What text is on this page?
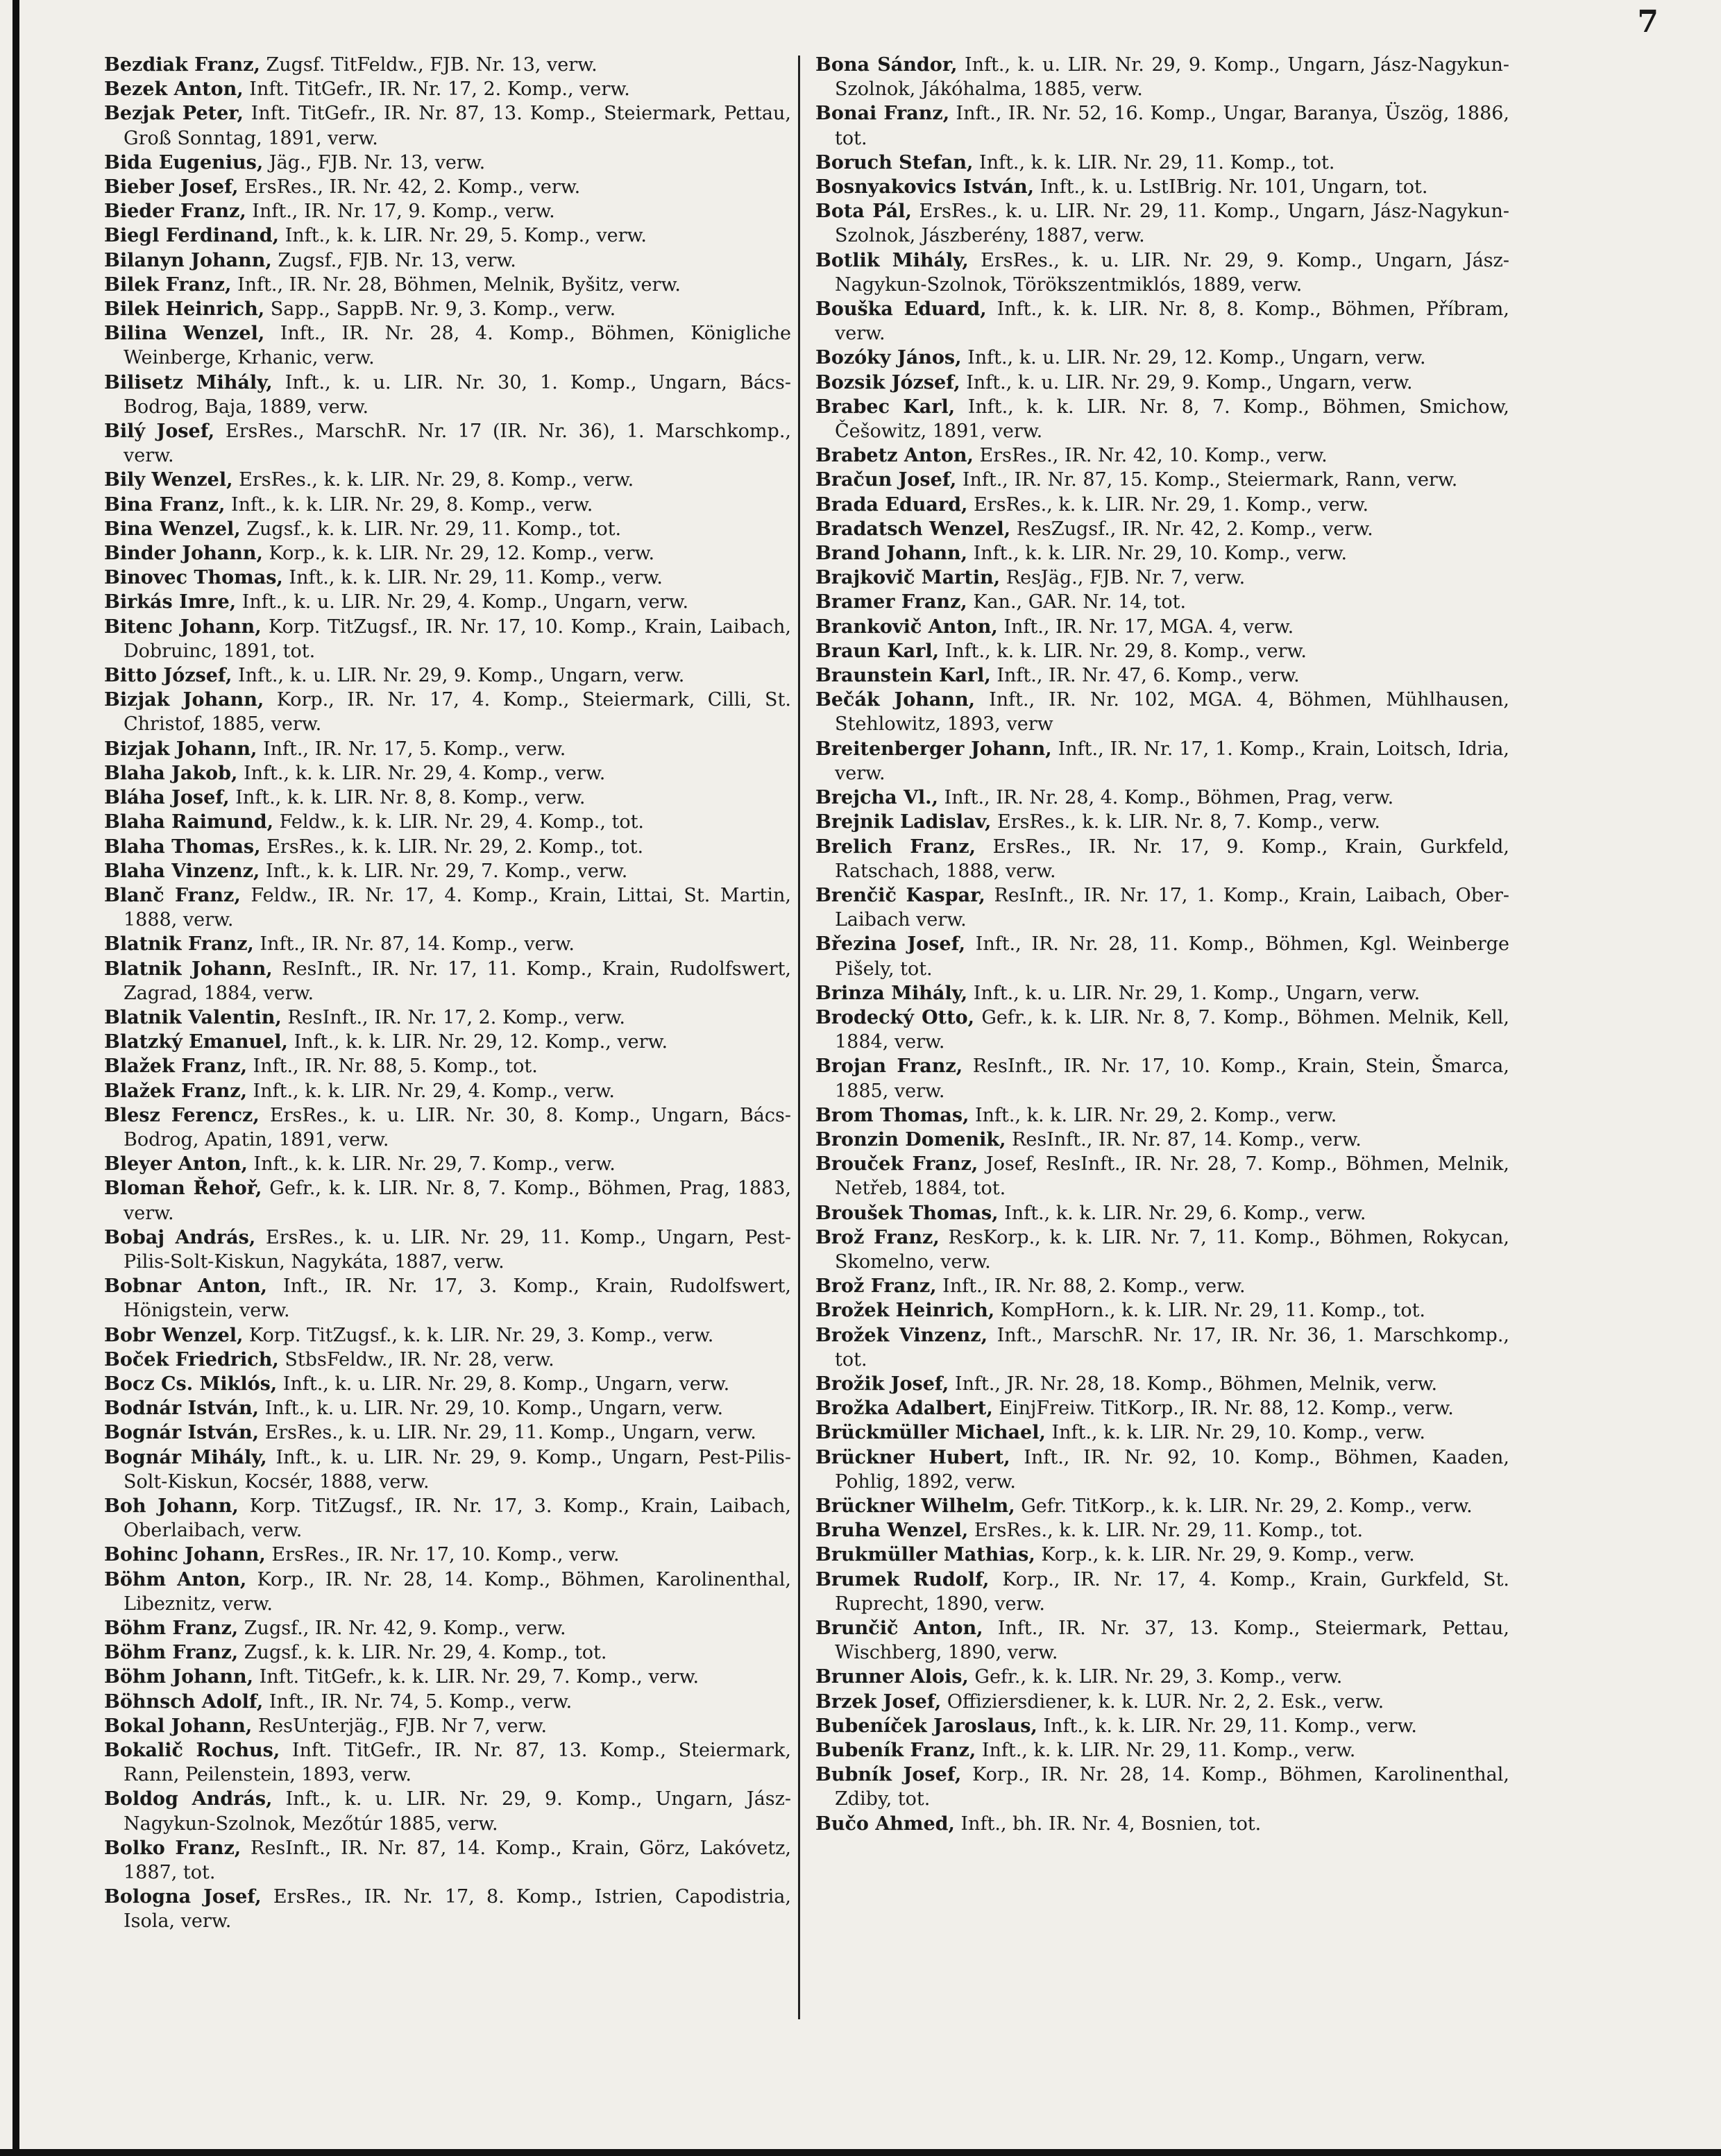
7

Bezdiak Franz, Zugsf. TitFeldw., FJB. Nr. 13, verw.

Bezek Anton, Inft. TitGefr., IR. Nr. 17, 2. Komp., verw.

Bezjak Peter, Inft. TitGefr., IR. Nr. 87, 13. Komp., Steiermark, Pettau, Groß Sonntag, 1891, verw.

Bida Eugenius, Jäg., FJB. Nr. 13, verw.

Bieber Josef, ErsRes., IR. Nr. 42, 2. Komp., verw.

Bieder Franz, Inft., IR. Nr. 17, 9. Komp., verw.

Biegl Ferdinand, Inft., k. k. LIR. Nr. 29, 5. Komp., verw.

Bilanyn Johann, Zugsf., FJB. Nr. 13, verw.

Bilek Franz, Inft., IR. Nr. 28, Böhmen, Melnik, Byšitz, verw.

Bilek Heinrich, Sapp., SappB. Nr. 9, 3. Komp., verw.

Bilina Wenzel, Inft., IR. Nr. 28, 4. Komp., Böhmen, Königliche Weinberge, Krhanic, verw.

Bilisetz Mihály, Inft., k. u. LIR. Nr. 30, 1. Komp., Ungarn, Bács-Bodrog, Baja, 1889, verw.

Bilý Josef, ErsRes., MarschR. Nr. 17 (IR. Nr. 36), 1. Marschkomp., verw.

Bily Wenzel, ErsRes., k. k. LIR. Nr. 29, 8. Komp., verw.

Bina Franz, Inft., k. k. LIR. Nr. 29, 8. Komp., verw.

Bina Wenzel, Zugsf., k. k. LIR. Nr. 29, 11. Komp., tot.

Binder Johann, Korp., k. k. LIR. Nr. 29, 12. Komp., verw.

Binovec Thomas, Inft., k. k. LIR. Nr. 29, 11. Komp., verw.

Birkás Imre, Inft., k. u. LIR. Nr. 29, 4. Komp., Ungarn, verw.

Bitenc Johann, Korp. TitZugsf., IR. Nr. 17, 10. Komp., Krain, Laibach, Dobruinc, 1891, tot.

Bitto József, Inft., k. u. LIR. Nr. 29, 9. Komp., Ungarn, verw.

Bizjak Johann, Korp., IR. Nr. 17, 4. Komp., Steiermark, Cilli, St. Christof, 1885, verw.

Bizjak Johann, Inft., IR. Nr. 17, 5. Komp., verw.

Blaha Jakob, Inft., k. k. LIR. Nr. 29, 4. Komp., verw.

Bláha Josef, Inft., k. k. LIR. Nr. 8, 8. Komp., verw.

Blaha Raimund, Feldw., k. k. LIR. Nr. 29, 4. Komp., tot.

Blaha Thomas, ErsRes., k. k. LIR. Nr. 29, 2. Komp., tot.

Blaha Vinzenz, Inft., k. k. LIR. Nr. 29, 7. Komp., verw.

Blanč Franz, Feldw., IR. Nr. 17, 4. Komp., Krain, Littai, St. Martin, 1888, verw.

Blatnik Franz, Inft., IR. Nr. 87, 14. Komp., verw.

Blatnik Johann, ResInft., IR. Nr. 17, 11. Komp., Krain, Rudolfswert, Zagrad, 1884, verw.

Blatnik Valentin, ResInft., IR. Nr. 17, 2. Komp., verw.

Blatzký Emanuel, Inft., k. k. LIR. Nr. 29, 12. Komp., verw.

Blažek Franz, Inft., IR. Nr. 88, 5. Komp., tot.

Blažek Franz, Inft., k. k. LIR. Nr. 29, 4. Komp., verw.

Blesz Ferencz, ErsRes., k. u. LIR. Nr. 30, 8. Komp., Ungarn, Bács-Bodrog, Apatin, 1891, verw.

Bleyer Anton, Inft., k. k. LIR. Nr. 29, 7. Komp., verw.

Bloman Řehoř, Gefr., k. k. LIR. Nr. 8, 7. Komp., Böhmen, Prag, 1883, verw.

Bobaj András, ErsRes., k. u. LIR. Nr. 29, 11. Komp., Ungarn, Pest-Pilis-Solt-Kiskun, Nagykáta, 1887, verw.

Bobnar Anton, Inft., IR. Nr. 17, 3. Komp., Krain, Rudolfswert, Hönigstein, verw.

Bobr Wenzel, Korp. TitZugsf., k. k. LIR. Nr. 29, 3. Komp., verw.

Boček Friedrich, StbsFeldw., IR. Nr. 28, verw.

Bocz Cs. Miklós, Inft., k. u. LIR. Nr. 29, 8. Komp., Ungarn, verw.

Bodnár István, Inft., k. u. LIR. Nr. 29, 10. Komp., Ungarn, verw.

Bognár István, ErsRes., k. u. LIR. Nr. 29, 11. Komp., Ungarn, verw.

Bognár Mihály, Inft., k. u. LIR. Nr. 29, 9. Komp., Ungarn, Pest-Pilis-Solt-Kiskun, Kocsér, 1888, verw.

Boh Johann, Korp. TitZugsf., IR. Nr. 17, 3. Komp., Krain, Laibach, Oberlaibach, verw.

Bohinc Johann, ErsRes., IR. Nr. 17, 10. Komp., verw.

Böhm Anton, Korp., IR. Nr. 28, 14. Komp., Böhmen, Karolinenthal, Libeznitz, verw.

Böhm Franz, Zugsf., IR. Nr. 42, 9. Komp., verw.

Böhm Franz, Zugsf., k. k. LIR. Nr. 29, 4. Komp., tot.

Böhm Johann, Inft. TitGefr., k. k. LIR. Nr. 29, 7. Komp., verw.

Böhnsch Adolf, Inft., IR. Nr. 74, 5. Komp., verw.

Bokal Johann, ResUnterjäg., FJB. Nr 7, verw.

Bokalič Rochus, Inft. TitGefr., IR. Nr. 87, 13. Komp., Steiermark, Rann, Peilenstein, 1893, verw.

Boldog András, Inft., k. u. LIR. Nr. 29, 9. Komp., Ungarn, Jász-Nagykun-Szolnok, Mezőtúr 1885, verw.

Bolko Franz, ResInft., IR. Nr. 87, 14. Komp., Krain, Görz, Lakóvetz, 1887, tot.

Bologna Josef, ErsRes., IR. Nr. 17, 8. Komp., Istrien, Capodistria, Isola, verw.

Bona Sándor, Inft., k. u. LIR. Nr. 29, 9. Komp., Ungarn, Jász-Nagykun-Szolnok, Jákóhalma, 1885, verw.

Bonai Franz, Inft., IR. Nr. 52, 16. Komp., Ungar, Baranya, Üszög, 1886, tot.

Boruch Stefan, Inft., k. k. LIR. Nr. 29, 11. Komp., tot.

Bosnyakovics István, Inft., k. u. LstIBrig. Nr. 101, Ungarn, tot.

Bota Pál, ErsRes., k. u. LIR. Nr. 29, 11. Komp., Ungarn, Jász-Nagykun-Szolnok, Jászberény, 1887, verw.

Botlik Mihály, ErsRes., k. u. LIR. Nr. 29, 9. Komp., Ungarn, Jász-Nagykun-Szolnok, Törökszentmiklós, 1889, verw.

Bouška Eduard, Inft., k. k. LIR. Nr. 8, 8. Komp., Böhmen, Příbram, verw.

Bozóky János, Inft., k. u. LIR. Nr. 29, 12. Komp., Ungarn, verw.

Bozsik József, Inft., k. u. LIR. Nr. 29, 9. Komp., Ungarn, verw.

Brabec Karl, Inft., k. k. LIR. Nr. 8, 7. Komp., Böhmen, Smichow, Češowitz, 1891, verw.

Brabetz Anton, ErsRes., IR. Nr. 42, 10. Komp., verw.

Bračun Josef, Inft., IR. Nr. 87, 15. Komp., Steiermark, Rann, verw.

Brada Eduard, ErsRes., k. k. LIR. Nr. 29, 1. Komp., verw.

Bradatsch Wenzel, ResZugsf., IR. Nr. 42, 2. Komp., verw.

Brand Johann, Inft., k. k. LIR. Nr. 29, 10. Komp., verw.

Brajkovič Martin, ResJäg., FJB. Nr. 7, verw.

Bramer Franz, Kan., GAR. Nr. 14, tot.

Brankovič Anton, Inft., IR. Nr. 17, MGA. 4, verw.

Braun Karl, Inft., k. k. LIR. Nr. 29, 8. Komp., verw.

Braunstein Karl, Inft., IR. Nr. 47, 6. Komp., verw.

Bečák Johann, Inft., IR. Nr. 102, MGA. 4, Böhmen, Mühlhausen, Stehlowitz, 1893, verw

Breitenberger Johann, Inft., IR. Nr. 17, 1. Komp., Krain, Loitsch, Idria, verw.

Brejcha Vl., Inft., IR. Nr. 28, 4. Komp., Böhmen, Prag, verw.

Brejnik Ladislav, ErsRes., k. k. LIR. Nr. 8, 7. Komp., verw.

Brelich Franz, ErsRes., IR. Nr. 17, 9. Komp., Krain, Gurkfeld, Ratschach, 1888, verw.

Brenčič Kaspar, ResInft., IR. Nr. 17, 1. Komp., Krain, Laibach, Ober-Laibach verw.

Březina Josef, Inft., IR. Nr. 28, 11. Komp., Böhmen, Kgl. Weinberge Pišely, tot.

Brinza Mihály, Inft., k. u. LIR. Nr. 29, 1. Komp., Ungarn, verw.

Brodecký Otto, Gefr., k. k. LIR. Nr. 8, 7. Komp., Böhmen. Melnik, Kell, 1884, verw.

Brojan Franz, ResInft., IR. Nr. 17, 10. Komp., Krain, Stein, Šmarca, 1885, verw.

Brom Thomas, Inft., k. k. LIR. Nr. 29, 2. Komp., verw.

Bronzin Domenik, ResInft., IR. Nr. 87, 14. Komp., verw.

Brouček Franz, Josef, ResInft., IR. Nr. 28, 7. Komp., Böhmen, Melnik, Netřeb, 1884, tot.

Broušek Thomas, Inft., k. k. LIR. Nr. 29, 6. Komp., verw.

Brož Franz, ResKorp., k. k. LIR. Nr. 7, 11. Komp., Böhmen, Rokycan, Skomelno, verw.

Brož Franz, Inft., IR. Nr. 88, 2. Komp., verw.

Brožek Heinrich, KompHorn., k. k. LIR. Nr. 29, 11. Komp., tot.

Brožek Vinzenz, Inft., MarschR. Nr. 17, IR. Nr. 36, 1. Marschkomp., tot.

Brožik Josef, Inft., JR. Nr. 28, 18. Komp., Böhmen, Melnik, verw.

Brožka Adalbert, EinjFreiw. TitKorp., IR. Nr. 88, 12. Komp., verw.

Brückmüller Michael, Inft., k. k. LIR. Nr. 29, 10. Komp., verw.

Brückner Hubert, Inft., IR. Nr. 92, 10. Komp., Böhmen, Kaaden, Pohlig, 1892, verw.

Brückner Wilhelm, Gefr. TitKorp., k. k. LIR. Nr. 29, 2. Komp., verw.

Bruha Wenzel, ErsRes., k. k. LIR. Nr. 29, 11. Komp., tot.

Brukmüller Mathias, Korp., k. k. LIR. Nr. 29, 9. Komp., verw.

Brumek Rudolf, Korp., IR. Nr. 17, 4. Komp., Krain, Gurkfeld, St. Ruprecht, 1890, verw.

Brunčič Anton, Inft., IR. Nr. 37, 13. Komp., Steiermark, Pettau, Wischberg, 1890, verw.

Brunner Alois, Gefr., k. k. LIR. Nr. 29, 3. Komp., verw.

Brzek Josef, Offiziersdiener, k. k. LUR. Nr. 2, 2. Esk., verw.

Bubeníček Jaroslaus, Inft., k. k. LIR. Nr. 29, 11. Komp., verw.

Bubeník Franz, Inft., k. k. LIR. Nr. 29, 11. Komp., verw.

Bubník Josef, Korp., IR. Nr. 28, 14. Komp., Böhmen, Karolinenthal, Zdiby, tot.

Bučo Ahmed, Inft., bh. IR. Nr. 4, Bosnien, tot.
